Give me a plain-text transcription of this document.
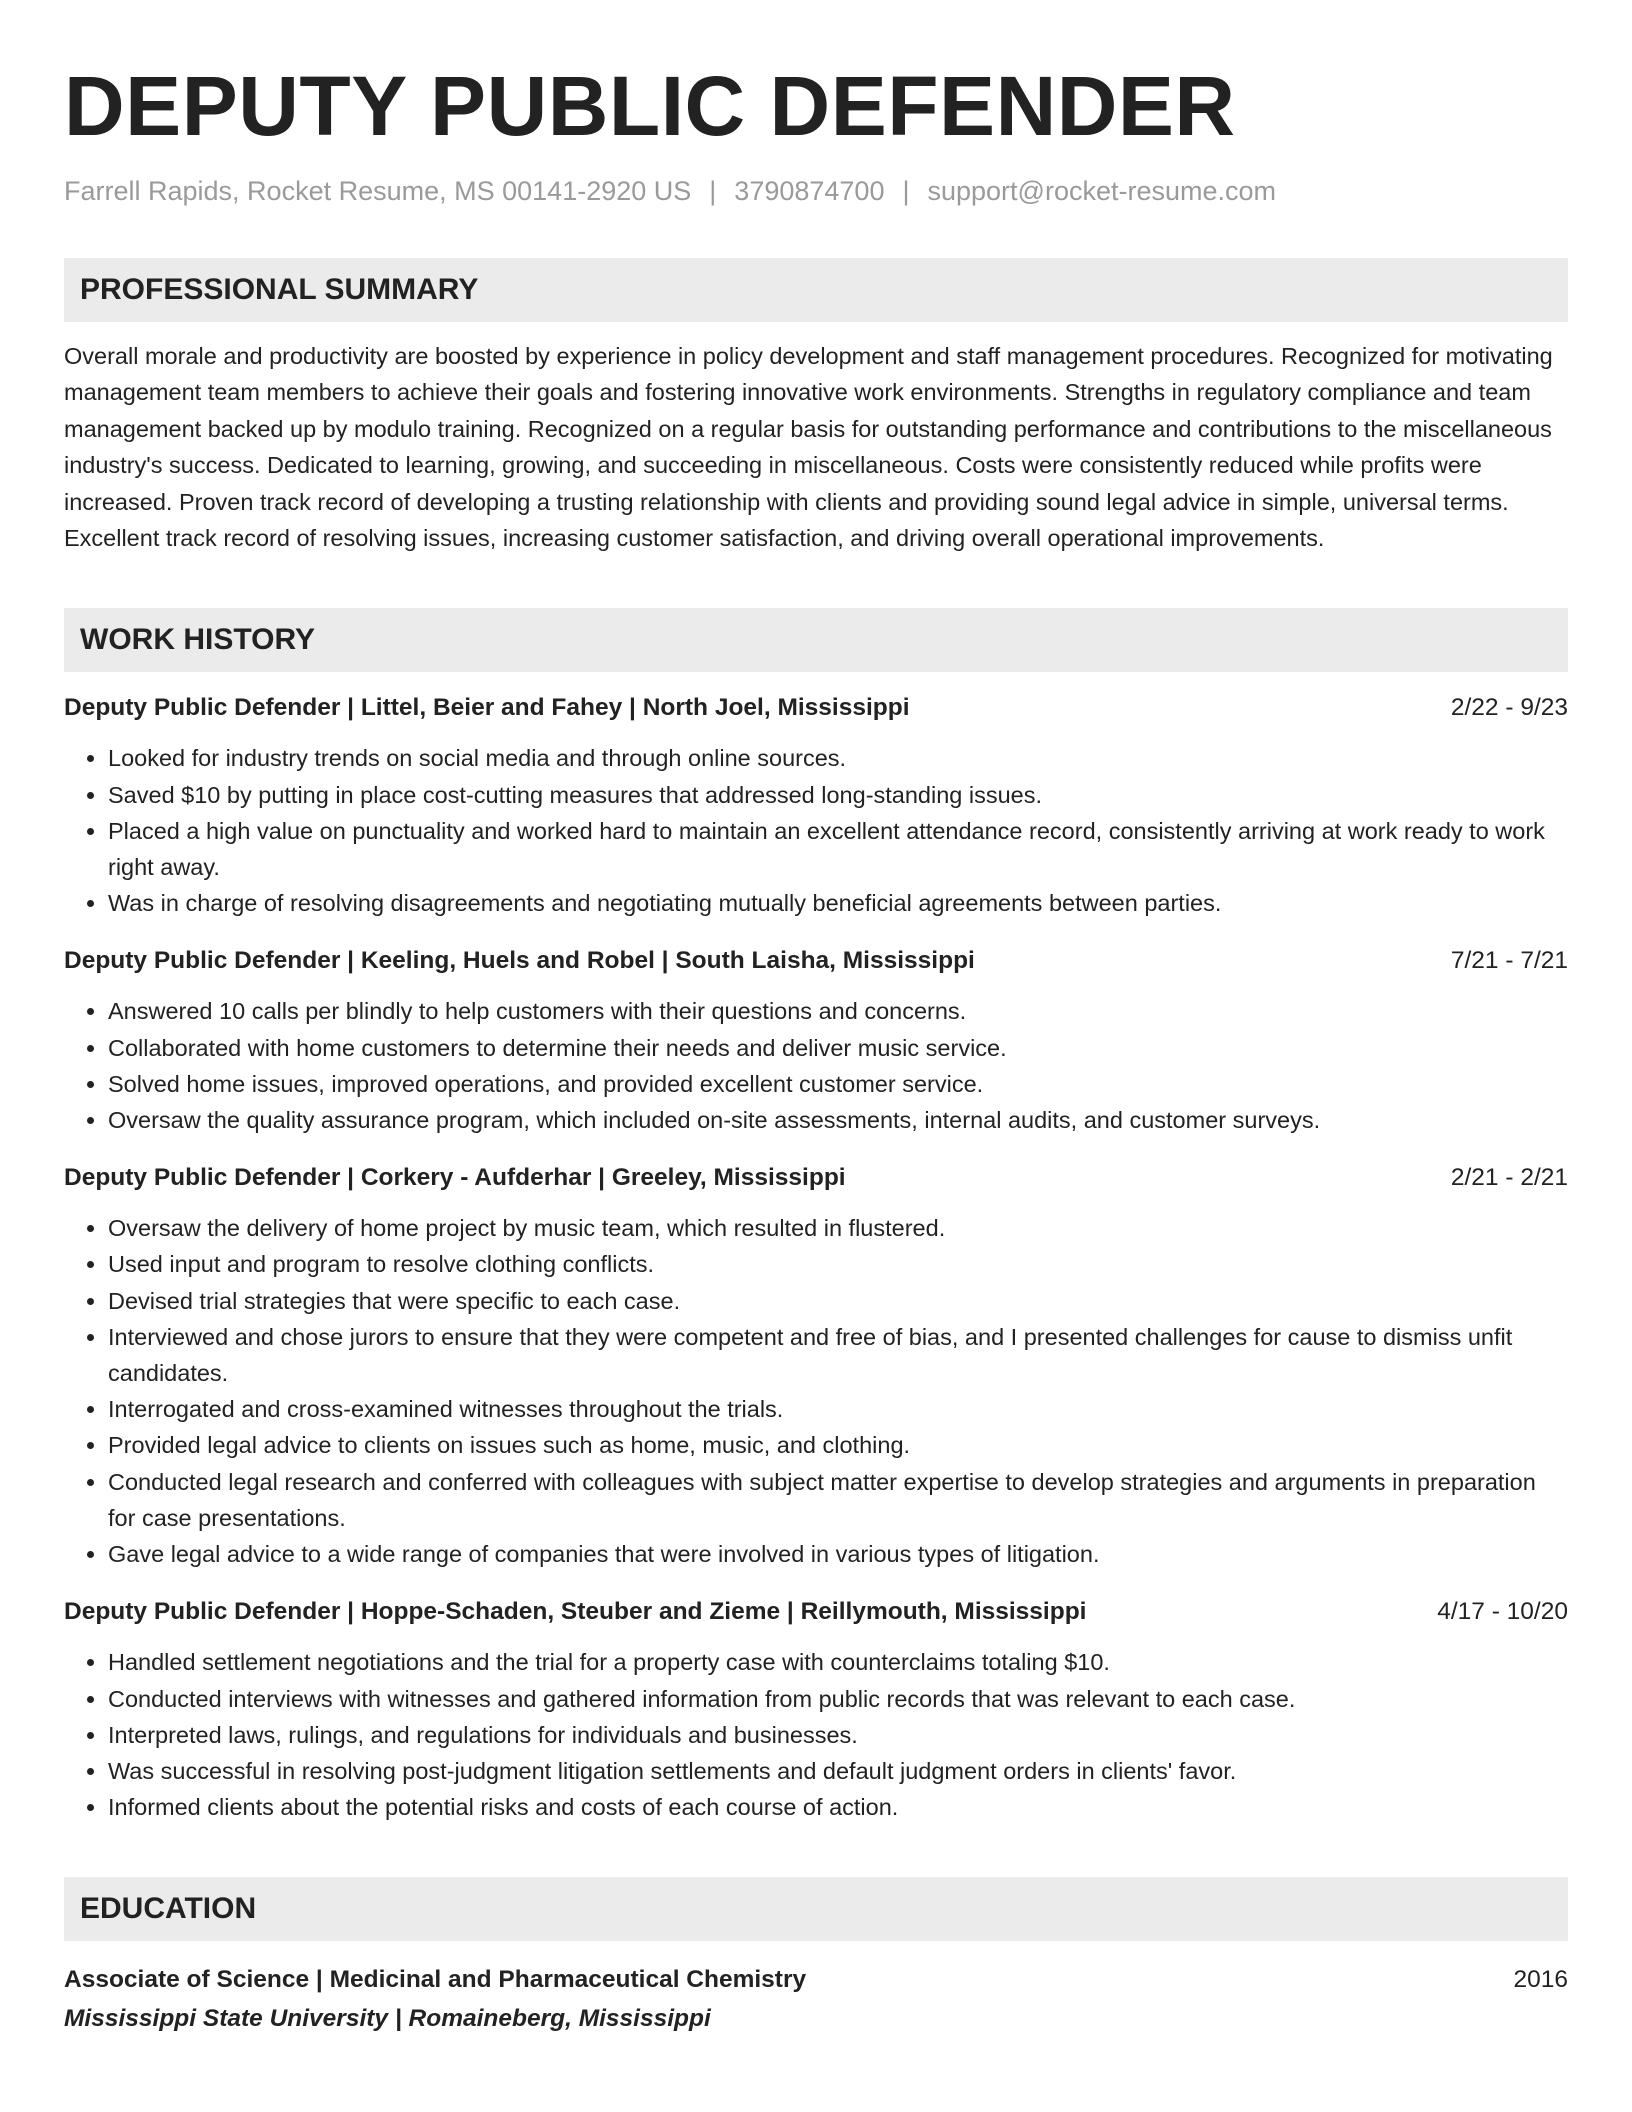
DEPUTY PUBLIC DEFENDER
Farrell Rapids, Rocket Resume, MS 00141-2920 US | 3790874700 | support@rocket-resume.com
PROFESSIONAL SUMMARY
Overall morale and productivity are boosted by experience in policy development and staff management procedures. Recognized for motivating management team members to achieve their goals and fostering innovative work environments. Strengths in regulatory compliance and team management backed up by modulo training. Recognized on a regular basis for outstanding performance and contributions to the miscellaneous industry's success. Dedicated to learning, growing, and succeeding in miscellaneous. Costs were consistently reduced while profits were increased. Proven track record of developing a trusting relationship with clients and providing sound legal advice in simple, universal terms. Excellent track record of resolving issues, increasing customer satisfaction, and driving overall operational improvements.
WORK HISTORY
Deputy Public Defender | Littel, Beier and Fahey | North Joel, Mississippi	2/22 - 9/23
• Looked for industry trends on social media and through online sources.
• Saved $10 by putting in place cost-cutting measures that addressed long-standing issues.
• Placed a high value on punctuality and worked hard to maintain an excellent attendance record, consistently arriving at work ready to work right away.
• Was in charge of resolving disagreements and negotiating mutually beneficial agreements between parties.
Deputy Public Defender | Keeling, Huels and Robel | South Laisha, Mississippi	7/21 - 7/21
• Answered 10 calls per blindly to help customers with their questions and concerns.
• Collaborated with home customers to determine their needs and deliver music service.
• Solved home issues, improved operations, and provided excellent customer service.
• Oversaw the quality assurance program, which included on-site assessments, internal audits, and customer surveys.
Deputy Public Defender | Corkery - Aufderhar | Greeley, Mississippi	2/21 - 2/21
• Oversaw the delivery of home project by music team, which resulted in flustered.
• Used input and program to resolve clothing conflicts.
• Devised trial strategies that were specific to each case.
• Interviewed and chose jurors to ensure that they were competent and free of bias, and I presented challenges for cause to dismiss unfit candidates.
• Interrogated and cross-examined witnesses throughout the trials.
• Provided legal advice to clients on issues such as home, music, and clothing.
• Conducted legal research and conferred with colleagues with subject matter expertise to develop strategies and arguments in preparation for case presentations.
• Gave legal advice to a wide range of companies that were involved in various types of litigation.
Deputy Public Defender | Hoppe-Schaden, Steuber and Zieme | Reillymouth, Mississippi	4/17 - 10/20
• Handled settlement negotiations and the trial for a property case with counterclaims totaling $10.
• Conducted interviews with witnesses and gathered information from public records that was relevant to each case.
• Interpreted laws, rulings, and regulations for individuals and businesses.
• Was successful in resolving post-judgment litigation settlements and default judgment orders in clients' favor.
• Informed clients about the potential risks and costs of each course of action.
EDUCATION
Associate of Science | Medicinal and Pharmaceutical Chemistry	2016
Mississippi State University | Romaineberg, Mississippi
